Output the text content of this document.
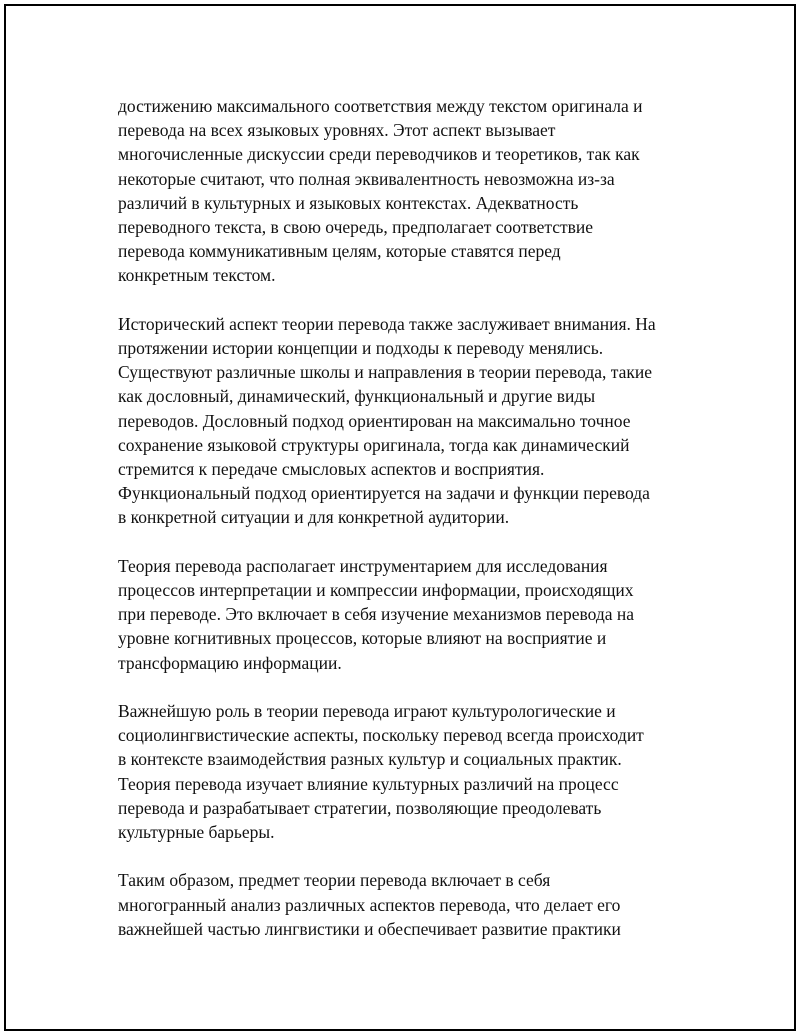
достижению максимального соответствия между текстом оригинала и
перевода на всех языковых уровнях. Этот аспект вызывает
многочисленные дискуссии среди переводчиков и теоретиков, так как
некоторые считают, что полная эквивалентность невозможна из-за
различий в культурных и языковых контекстах. Адекватность
переводного текста, в свою очередь, предполагает соответствие
перевода коммуникативным целям, которые ставятся перед
конкретным текстом.

Исторический аспект теории перевода также заслуживает внимания. На
протяжении истории концепции и подходы к переводу менялись.
Существуют различные школы и направления в теории перевода, такие
как дословный, динамический, функциональный и другие виды
переводов. Дословный подход ориентирован на максимально точное
сохранение языковой структуры оригинала, тогда как динамический
стремится к передаче смысловых аспектов и восприятия.
Функциональный подход ориентируется на задачи и функции перевода
в конкретной ситуации и для конкретной аудитории.

Теория перевода располагает инструментарием для исследования
процессов интерпретации и компрессии информации, происходящих
при переводе. Это включает в себя изучение механизмов перевода на
уровне когнитивных процессов, которые влияют на восприятие и
трансформацию информации.

Важнейшую роль в теории перевода играют культурологические и
социолингвистические аспекты, поскольку перевод всегда происходит
в контексте взаимодействия разных культур и социальных практик.
Теория перевода изучает влияние культурных различий на процесс
перевода и разрабатывает стратегии, позволяющие преодолевать
культурные барьеры.

Таким образом, предмет теории перевода включает в себя
многогранный анализ различных аспектов перевода, что делает его
важнейшей частью лингвистики и обеспечивает развитие практики
